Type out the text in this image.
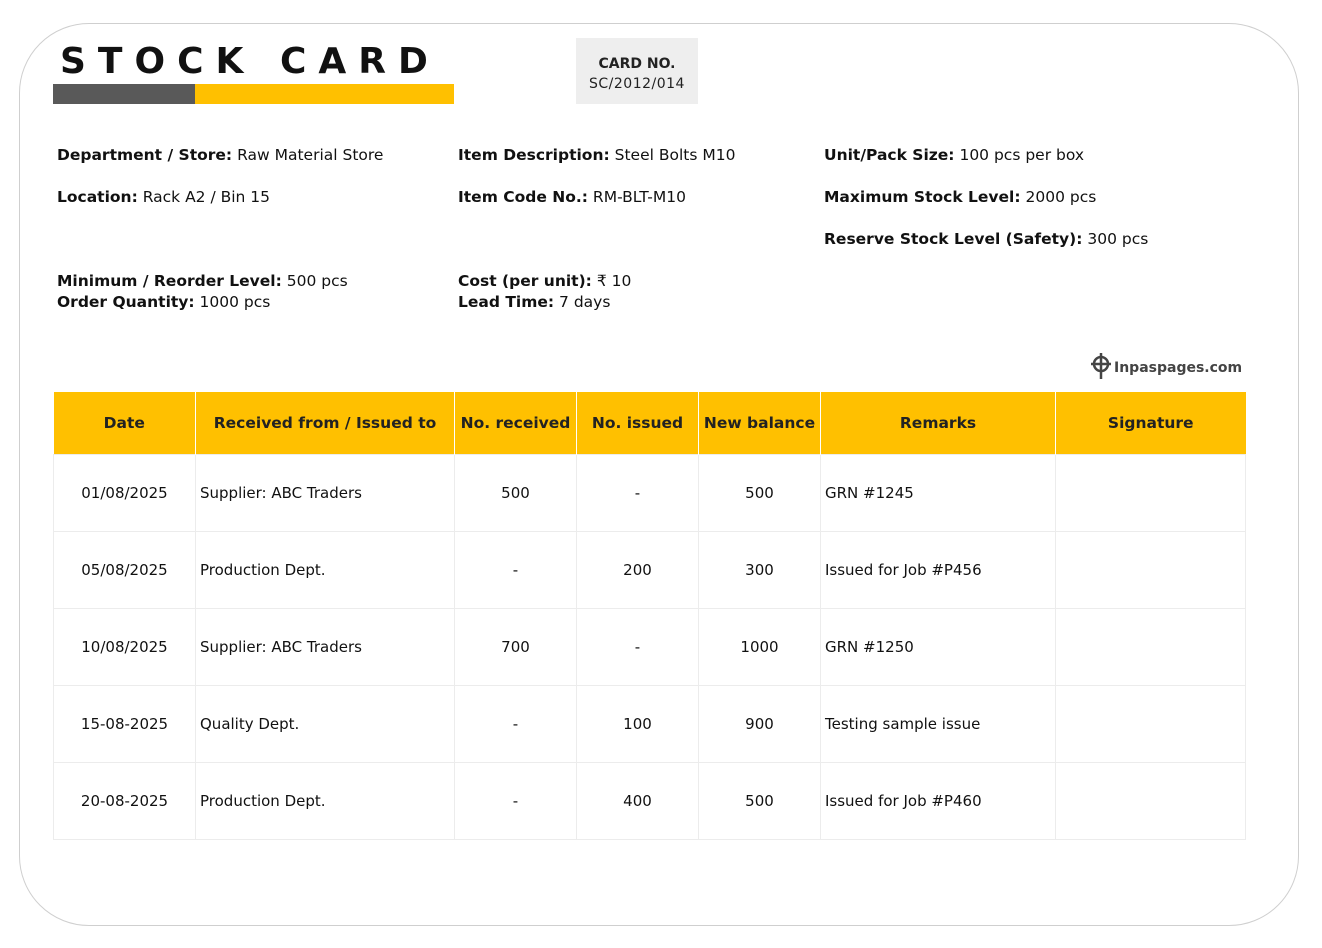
STOCK CARD	CARD NO.
SC/2012/014
Department / Store: Raw Material Store
Location: Rack A2 / Bin 15
Item Description: Steel Bolts M10
Item Code No.: RM-BLT-M10
Unit/Pack Size: 100 pcs per box
Maximum Stock Level: 2000 pcs
Reserve Stock Level (Safety): 300 pcs
Minimum / Reorder Level: 500 pcs
Order Quantity: 1000 pcs
Cost (per unit): ₹ 10
Lead Time: 7 days
Inpaspages.com
Date	Received from / Issued to	No. received	No. issued	New balance	Remarks	Signature
01/08/2025	Supplier: ABC Traders	500	-	500	GRN #1245	
05/08/2025	Production Dept.	-	200	300	Issued for Job #P456	
10/08/2025	Supplier: ABC Traders	700	-	1000	GRN #1250	
15-08-2025	Quality Dept.	-	100	900	Testing sample issue	
20-08-2025	Production Dept.	-	400	500	Issued for Job #P460	
